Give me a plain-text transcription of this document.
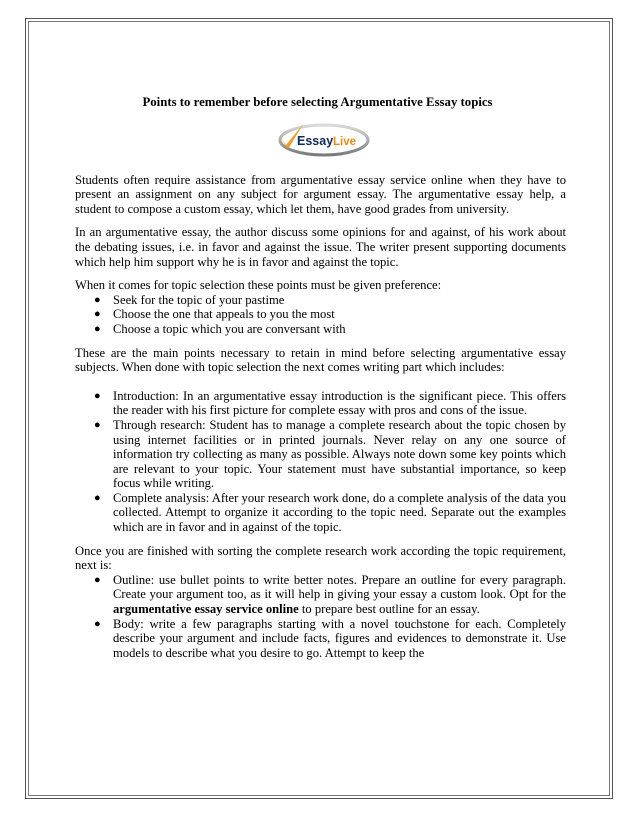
Points to remember before selecting Argumentative Essay topics
Essay Live

Students often require assistance from argumentative essay service online when they have to present an assignment on any subject for argument essay. The argumentative essay help, a student to compose a custom essay, which let them, have good grades from university.

In an argumentative essay, the author discuss some opinions for and against, of his work about the debating issues, i.e. in favor and against the issue. The writer present supporting documents which help him support why he is in favor and against the topic.

When it comes for topic selection these points must be given preference:

● Seek for the topic of your pastime
● Choose the one that appeals to you the most
● Choose a topic which you are conversant with

These are the main points necessary to retain in mind before selecting argumentative essay subjects. When done with topic selection the next comes writing part which includes:

● Introduction: In an argumentative essay introduction is the significant piece. This offers the reader with his first picture for complete essay with pros and cons of the issue.
● Through research: Student has to manage a complete research about the topic chosen by using internet facilities or in printed journals. Never relay on any one source of information try collecting as many as possible. Always note down some key points which are relevant to your topic. Your statement must have substantial importance, so keep focus while writing.
● Complete analysis: After your research work done, do a complete analysis of the data you collected. Attempt to organize it according to the topic need. Separate out the examples which are in favor and in against of the topic.

Once you are finished with sorting the complete research work according the topic requirement, next is:

● Outline: use bullet points to write better notes. Prepare an outline for every paragraph. Create your argument too, as it will help in giving your essay a custom look. Opt for the argumentative essay service online to prepare best outline for an essay.
● Body: write a few paragraphs starting with a novel touchstone for each. Completely describe your argument and include facts, figures and evidences to demonstrate it. Use models to describe what you desire to go. Attempt to keep the
